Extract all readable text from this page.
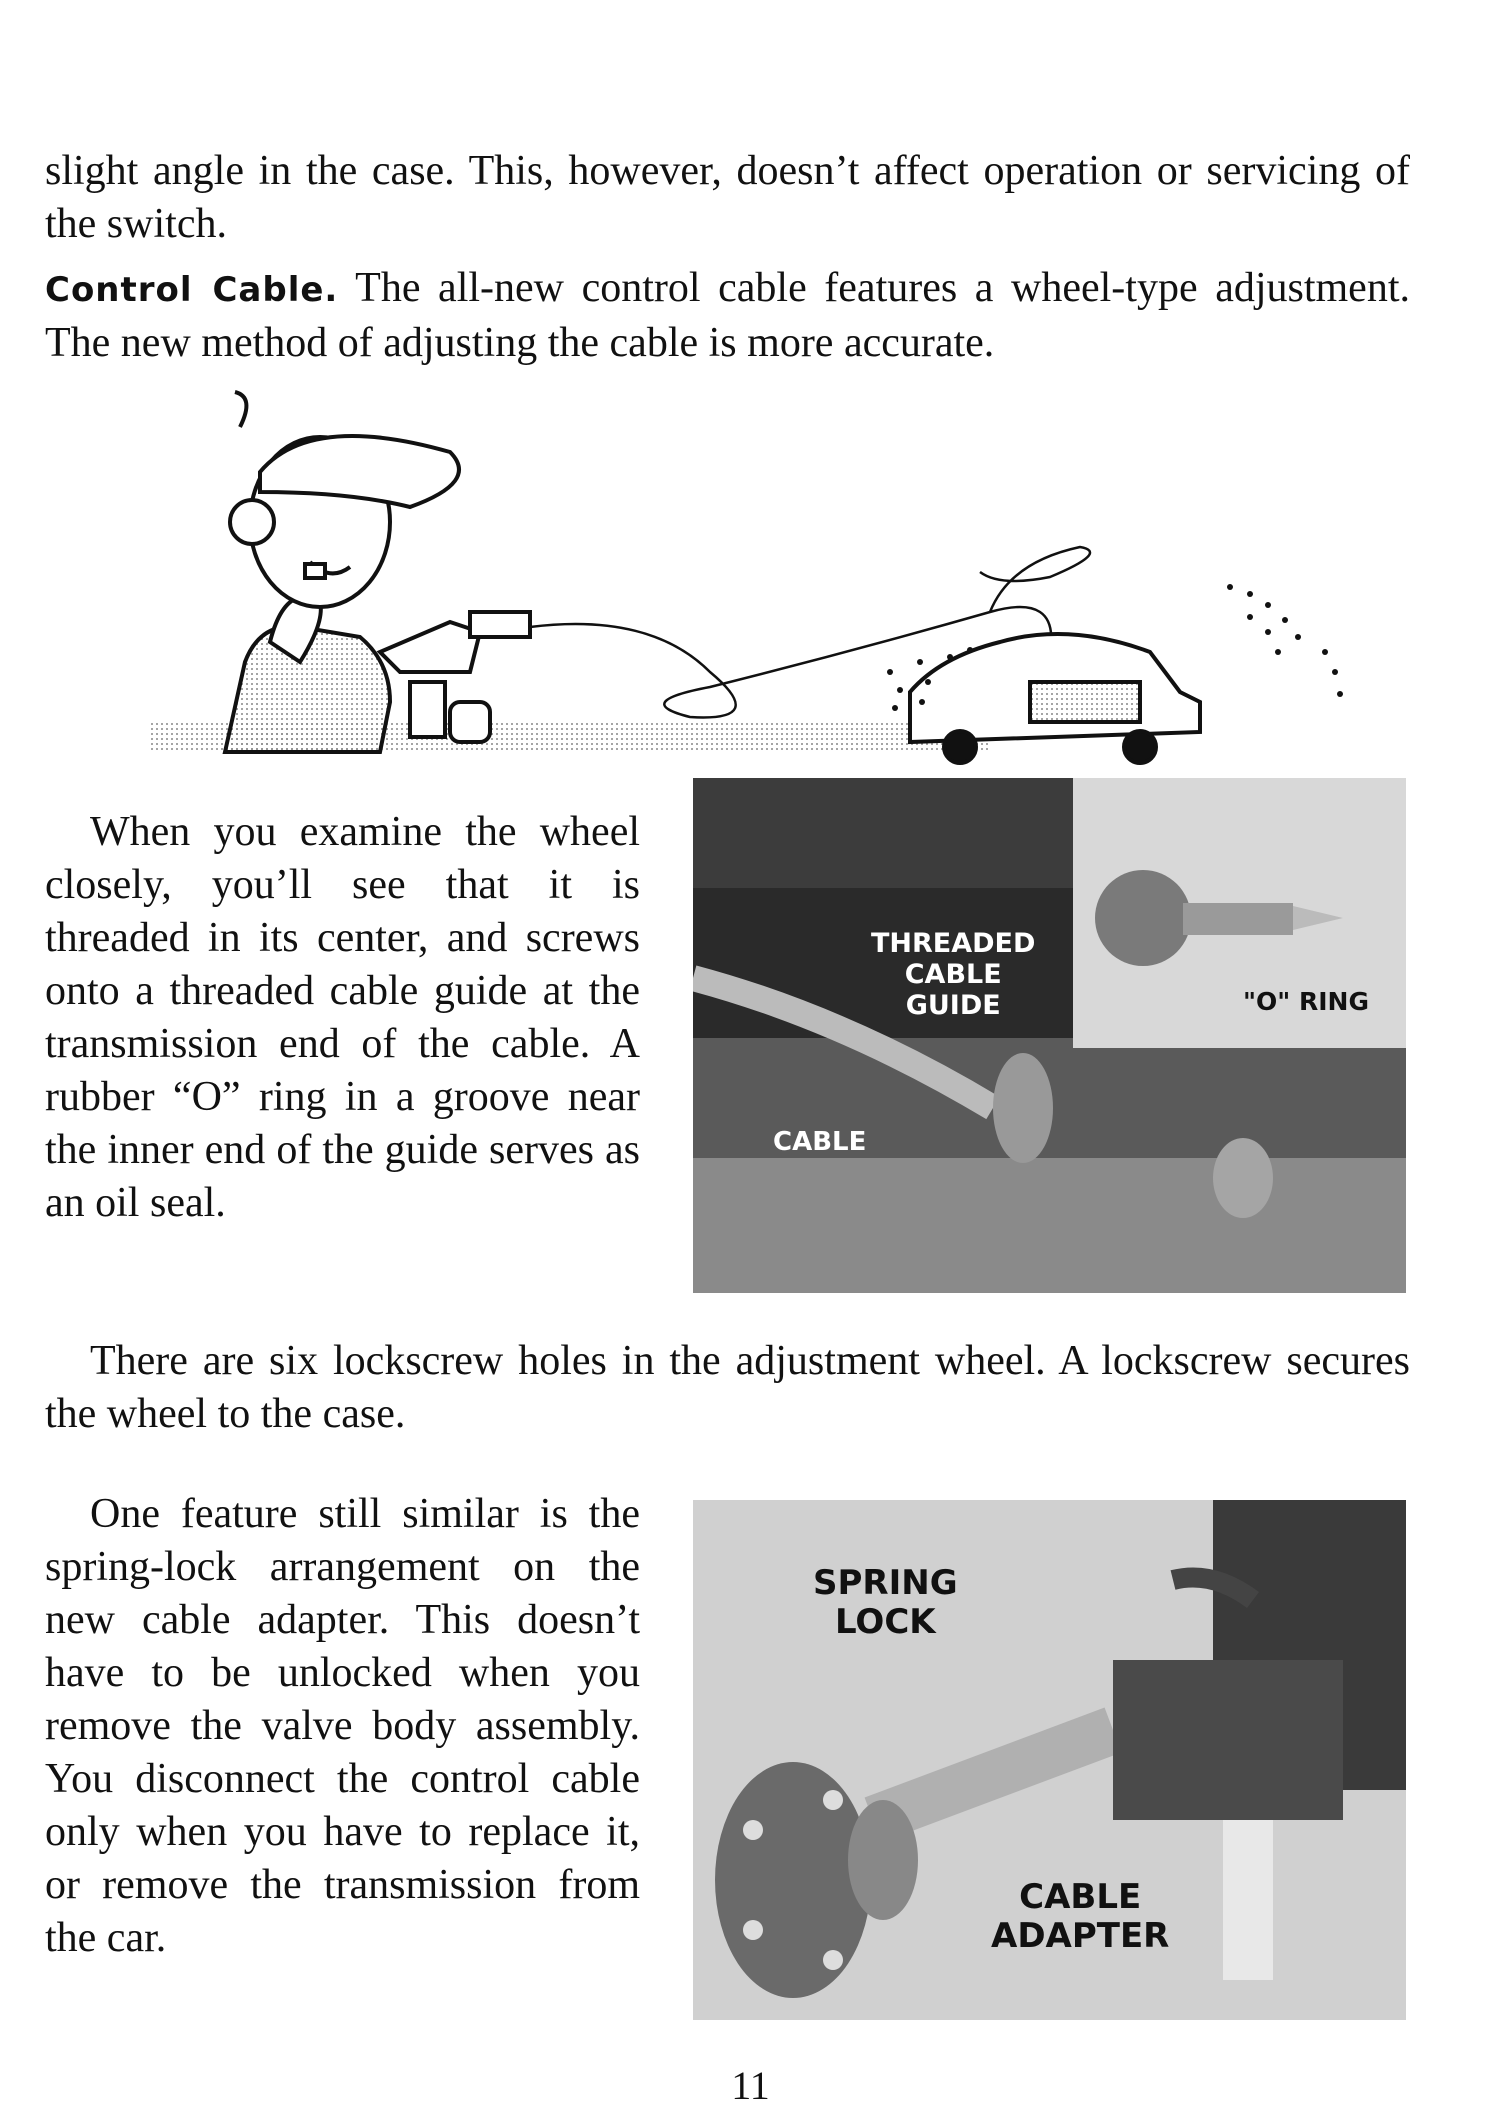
slight angle in the case. This, however, doesn’t affect operation or servicing of the switch.

Control Cable. The all-new control cable features a wheel-type adjustment. The new method of adjusting the cable is more accurate.

When you examine the wheel closely, you’ll see that it is threaded in its center, and screws onto a threaded cable guide at the transmission end of the cable. A rubber “O” ring in a groove near the inner end of the guide serves as an oil seal.

THREADED
CABLE
GUIDE	"O" RING
CABLE

There are six lockscrew holes in the adjustment wheel. A lockscrew secures the wheel to the case.

One feature still similar is the spring-lock arrangement on the new cable adapter. This doesn’t have to be unlocked when you remove the valve body assembly. You disconnect the control cable only when you have to replace it, or remove the transmission from the car.

SPRING
LOCK
CABLE
ADAPTER
11
